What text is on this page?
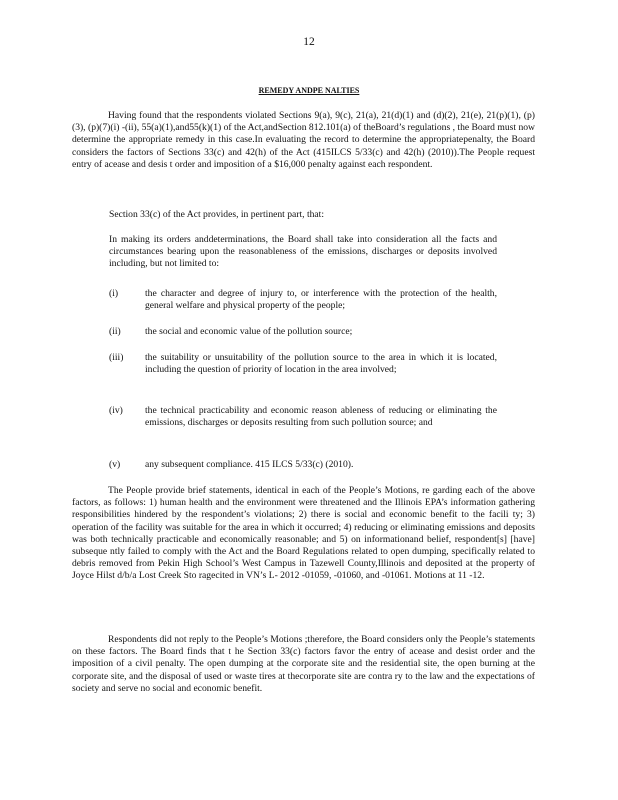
12
REMEDY ANDPE NALTIES

Having found that the respondents violated Sections 9(a), 9(c), 21(a), 21(d)(1) and (d)(2), 21(e), 21(p)(1), (p)(3), (p)(7)(i) -(ii), 55(a)(1),and55(k)(1) of the Act,andSection 812.101(a) of theBoard’s regulations , the Board must now determine the appropriate remedy in this case.In evaluating the record to determine the appropriatepenalty, the Board considers the factors of Sections 33(c) and 42(h) of the Act (415ILCS 5/33(c) and 42(h) (2010)).The People request entry of acease and desis t order and imposition of a $16,000 penalty against each respondent.

Section 33(c) of the Act provides, in pertinent part, that:

In making its orders anddeterminations, the Board shall take into consideration all the facts and circumstances bearing upon the reasonableness of the emissions, discharges or deposits involved including, but not limited to:

(i)	the character and degree of injury to, or interference with the protection of the health, general welfare and physical property of the people;
(ii)	the social and economic value of the pollution source;
(iii)	the suitability or unsuitability of the pollution source to the area in which it is located, including the question of priority of location in the area involved;
(iv)	the technical practicability and economic reason ableness of reducing or eliminating the emissions, discharges or deposits resulting from such pollution source; and
(v)	any subsequent compliance. 415 ILCS 5/33(c) (2010).

The People provide brief statements, identical in each of the People’s Motions, re garding each of the above factors, as follows: 1) human health and the environment were threatened and the Illinois EPA’s information gathering responsibilities hindered by the respondent’s violations; 2) there is social and economic benefit to the facili ty; 3) operation of the facility was suitable for the area in which it occurred; 4) reducing or eliminating emissions and deposits was both technically practicable and economically reasonable; and 5) on informationand belief, respondent[s] [have] subseque ntly failed to comply with the Act and the Board Regulations related to open dumping, specifically related to debris removed from Pekin High School’s West Campus in Tazewell County,Illinois and deposited at the property of Joyce Hilst d/b/a Lost Creek Sto ragecited in VN’s L- 2012 -01059, -01060, and -01061. Motions at 11 -12.

Respondents did not reply to the People’s Motions ;therefore, the Board considers only the People’s statements on these factors. The Board finds that t he Section 33(c) factors favor the entry of acease and desist order and the imposition of a civil penalty. The open dumping at the corporate site and the residential site, the open burning at the corporate site, and the disposal of used or waste tires at thecorporate site are contra ry to the law and the expectations of society and serve no social and economic benefit.
